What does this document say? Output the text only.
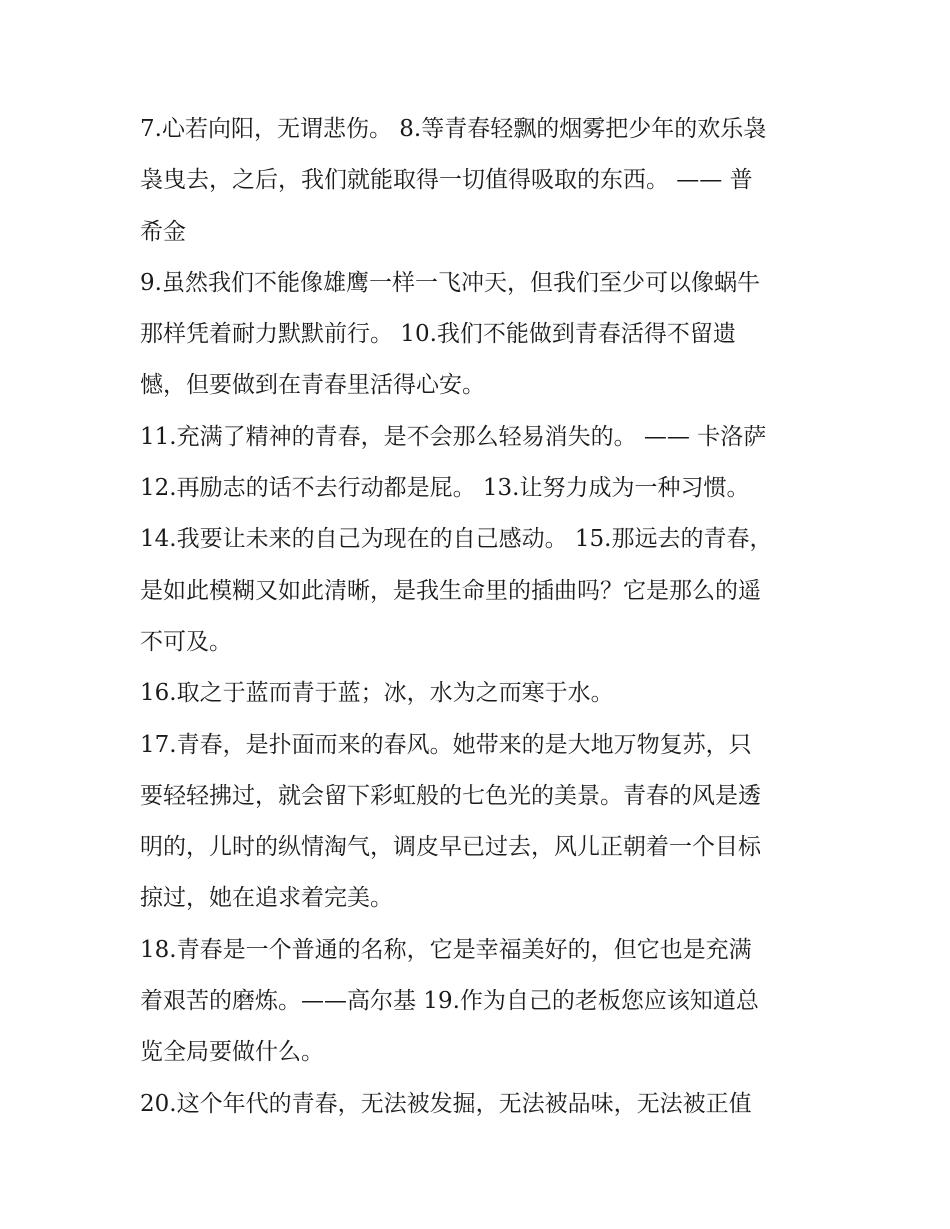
7.心若向阳，无谓悲伤。 8.等青春轻飘的烟雾把少年的欢乐袅
袅曳去，之后，我们就能取得一切值得吸取的东西。 —— 普
希金
9.虽然我们不能像雄鹰一样一飞冲天，但我们至少可以像蜗牛
那样凭着耐力默默前行。 10.我们不能做到青春活得不留遗
憾，但要做到在青春里活得心安。
11.充满了精神的青春，是不会那么轻易消失的。 —— 卡洛萨
12.再励志的话不去行动都是屁。 13.让努力成为一种习惯。
14.我要让未来的自己为现在的自己感动。 15.那远去的青春，
是如此模糊又如此清晰，是我生命里的插曲吗？它是那么的遥
不可及。
16.取之于蓝而青于蓝；冰，水为之而寒于水。
17.青春，是扑面而来的春风。她带来的是大地万物复苏，只
要轻轻拂过，就会留下彩虹般的七色光的美景。青春的风是透
明的，儿时的纵情淘气，调皮早已过去，风儿正朝着一个目标
掠过，她在追求着完美。
18.青春是一个普通的名称，它是幸福美好的，但它也是充满
着艰苦的磨炼。——高尔基 19.作为自己的老板您应该知道总
览全局要做什么。
20.这个年代的青春，无法被发掘，无法被品味，无法被正值
